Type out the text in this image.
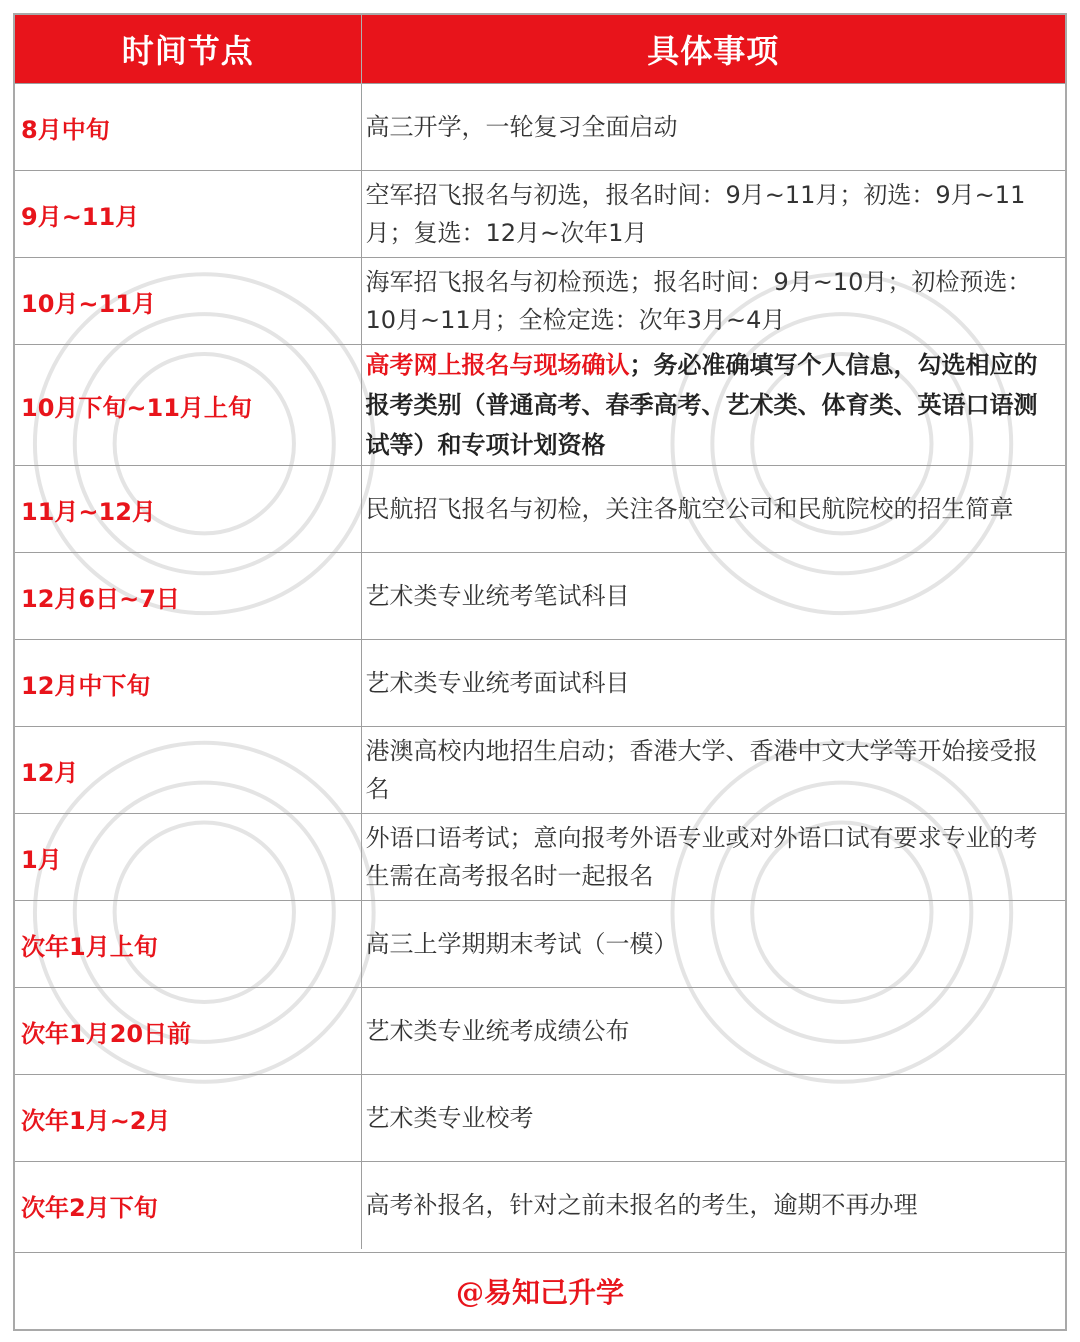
时间节点	具体事项
8月中旬	高三开学，一轮复习全面启动
9月~11月	空军招飞报名与初选，报名时间：9月~11月；初选：9月~11月；复选：12月~次年1月
10月~11月	海军招飞报名与初检预选；报名时间：9月~10月；初检预选：10月~11月；全检定选：次年3月~4月
10月下旬~11月上旬	高考网上报名与现场确认；务必准确填写个人信息，勾选相应的报考类别（普通高考、春季高考、艺术类、体育类、英语口语测试等）和专项计划资格
11月~12月	民航招飞报名与初检，关注各航空公司和民航院校的招生简章
12月6日~7日	艺术类专业统考笔试科目
12月中下旬	艺术类专业统考面试科目
12月	港澳高校内地招生启动；香港大学、香港中文大学等开始接受报名
1月	外语口语考试；意向报考外语专业或对外语口试有要求专业的考生需在高考报名时一起报名
次年1月上旬	高三上学期期末考试（一模）
次年1月20日前	艺术类专业统考成绩公布
次年1月~2月	艺术类专业校考
次年2月下旬	高考补报名，针对之前未报名的考生，逾期不再办理
@易知己升学
